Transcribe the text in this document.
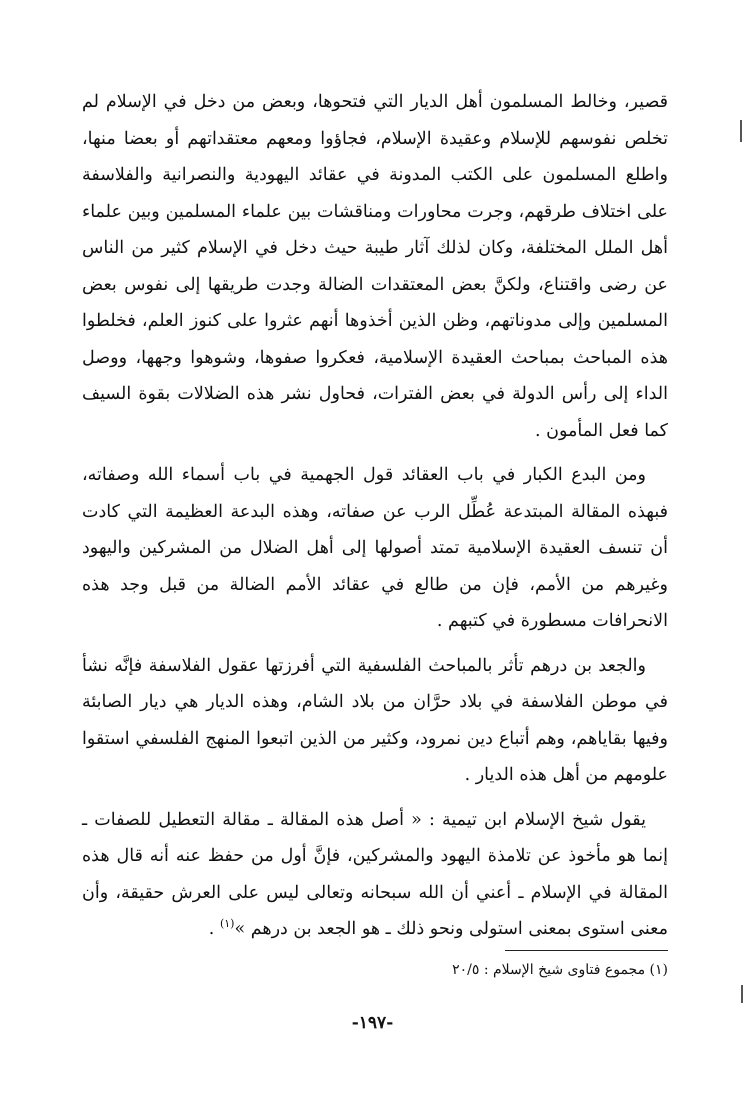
قصير، وخالط المسلمون أهل الديار التي فتحوها، وبعض من دخل في الإسلام لم تخلص نفوسهم للإسلام وعقيدة الإسلام، فجاؤوا ومعهم معتقداتهم أو بعضا منها، واطلع المسلمون على الكتب المدونة في عقائد اليهودية والنصرانية والفلاسفة على اختلاف طرقهم، وجرت محاورات ومناقشات بين علماء المسلمين وبين علماء أهل الملل المختلفة، وكان لذلك آثار طيبة حيث دخل في الإسلام كثير من الناس عن رضى واقتناع، ولكنَّ بعض المعتقدات الضالة وجدت طريقها إلى نفوس بعض المسلمين وإلى مدوناتهم، وظن الذين أخذوها أنهم عثروا على كنوز العلم، فخلطوا هذه المباحث بمباحث العقيدة الإسلامية، فعكروا صفوها، وشوهوا وجهها، ووصل الداء إلى رأس الدولة في بعض الفترات، فحاول نشر هذه الضلالات بقوة السيف كما فعل المأمون .

ومن البدع الكبار في باب العقائد قول الجهمية في باب أسماء الله وصفاته، فبهذه المقالة المبتدعة عُطِّل الرب عن صفاته، وهذه البدعة العظيمة التي كادت أن تنسف العقيدة الإسلامية تمتد أصولها إلى أهل الضلال من المشركين واليهود وغيرهم من الأمم، فإن من طالع في عقائد الأمم الضالة من قبل وجد هذه الانحرافات مسطورة في كتبهم .

والجعد بن درهم تأثر بالمباحث الفلسفية التي أفرزتها عقول الفلاسفة فإنَّه نشأ في موطن الفلاسفة في بلاد حرَّان من بلاد الشام، وهذه الديار هي ديار الصابئة وفيها بقاياهم، وهم أتباع دين نمرود، وكثير من الذين اتبعوا المنهج الفلسفي استقوا علومهم من أهل هذه الديار .

يقول شيخ الإسلام ابن تيمية : « أصل هذه المقالة ـ مقالة التعطيل للصفات ـ إنما هو مأخوذ عن تلامذة اليهود والمشركين، فإنَّ أول من حفظ عنه أنه قال هذه المقالة في الإسلام ـ أعني أن الله سبحانه وتعالى ليس على العرش حقيقة، وأن معنى استوى بمعنى استولى ونحو ذلك ـ هو الجعد بن درهم »$^{(١)}$ .

(١) مجموع فتاوى شيخ الإسلام : ٢٠/٥
-١٩٧-
